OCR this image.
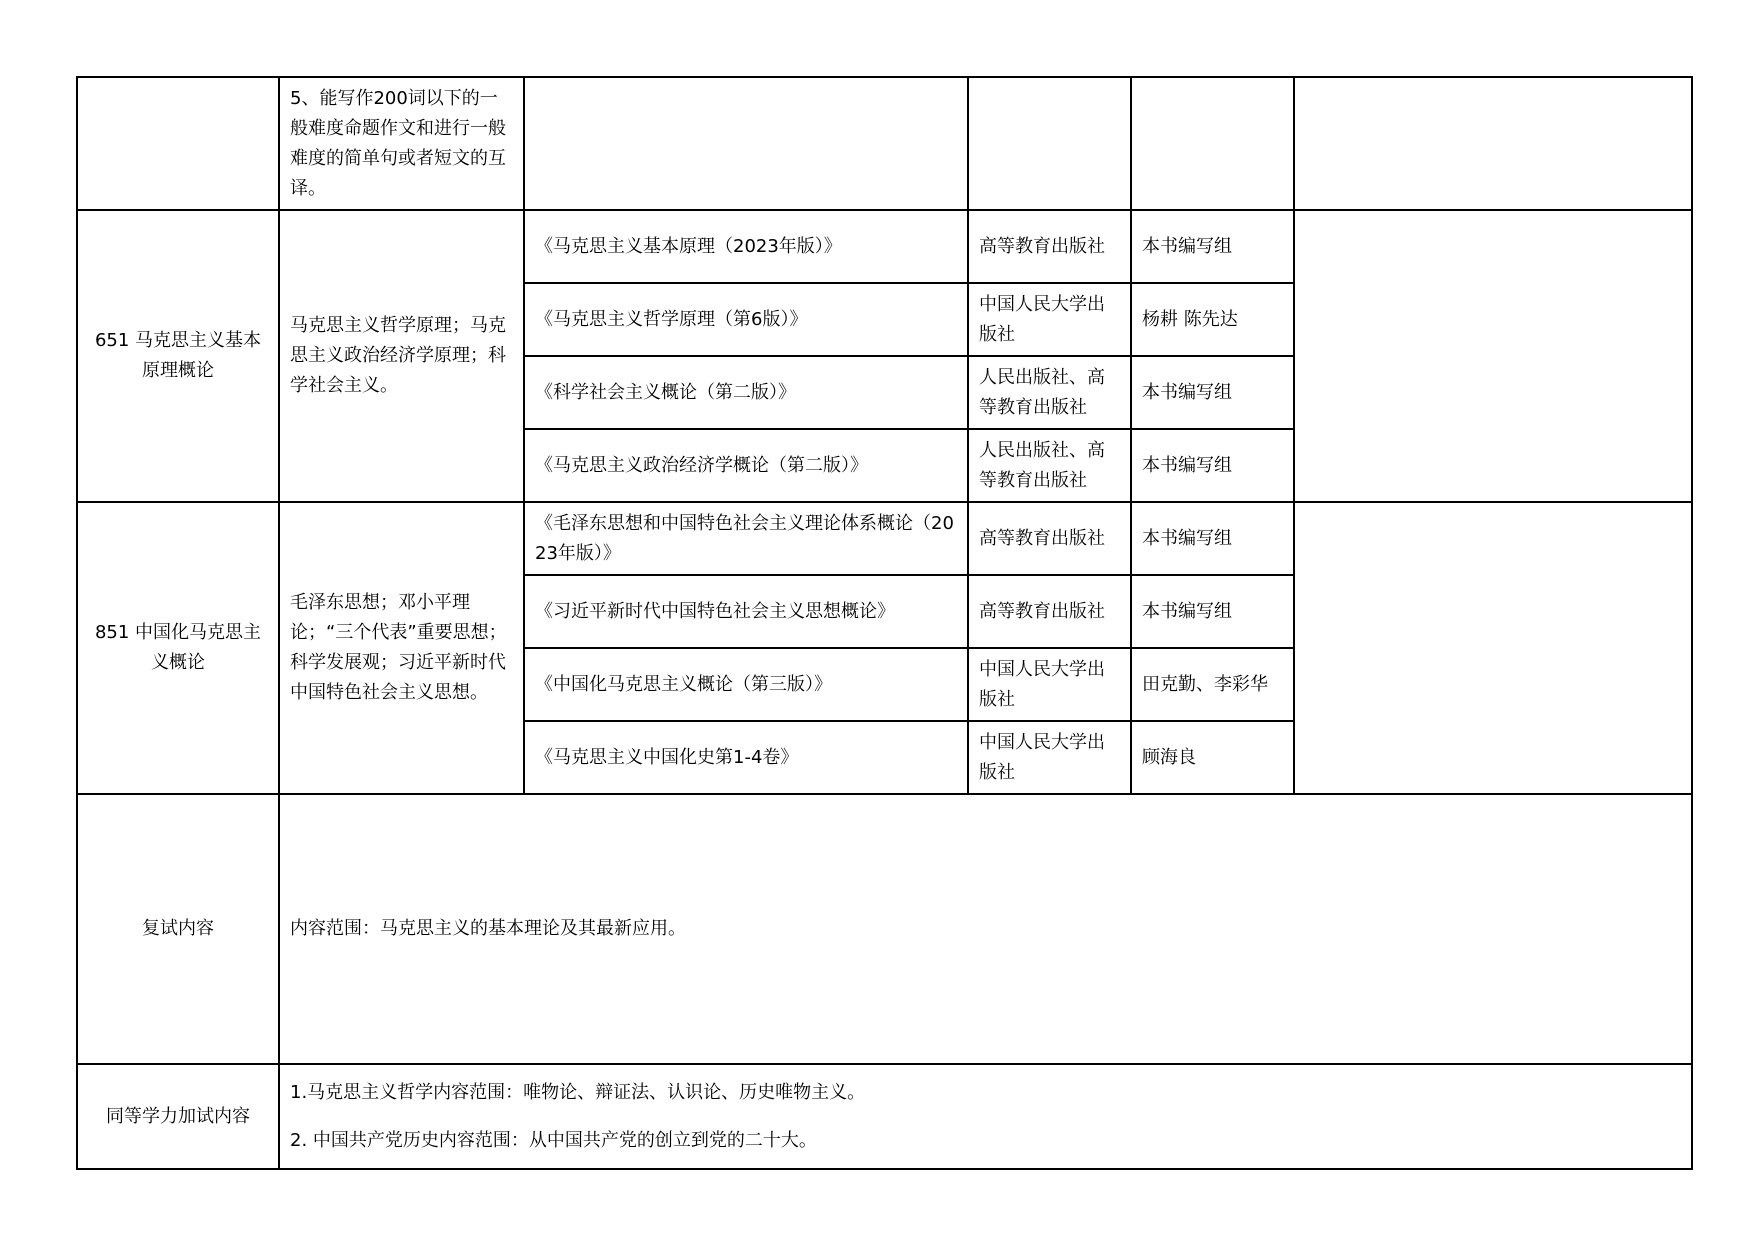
	5、能写作200词以下的一般难度命题作文和进行一般难度的简单句或者短文的互译。				
651 马克思主义基本原理概论	马克思主义哲学原理；马克思主义政治经济学原理；科学社会主义。	《马克思主义基本原理（2023年版）》	高等教育出版社	本书编写组	
		《马克思主义哲学原理（第6版）》	中国人民大学出版社	杨耕 陈先达	
		《科学社会主义概论（第二版）》	人民出版社、高等教育出版社	本书编写组	
		《马克思主义政治经济学概论（第二版）》	人民出版社、高等教育出版社	本书编写组	
851 中国化马克思主义概论	毛泽东思想；邓小平理论；“三个代表”重要思想；科学发展观；习近平新时代中国特色社会主义思想。	《毛泽东思想和中国特色社会主义理论体系概论（2023年版）》	高等教育出版社	本书编写组	
		《习近平新时代中国特色社会主义思想概论》	高等教育出版社	本书编写组	
		《中国化马克思主义概论（第三版）》	中国人民大学出版社	田克勤、李彩华	
		《马克思主义中国化史第1-4卷》	中国人民大学出版社	顾海良	
复试内容	内容范围：马克思主义的基本理论及其最新应用。				
同等学力加试内容	1.马克思主义哲学内容范围：唯物论、辩证法、认识论、历史唯物主义。
2. 中国共产党历史内容范围：从中国共产党的创立到党的二十大。				
